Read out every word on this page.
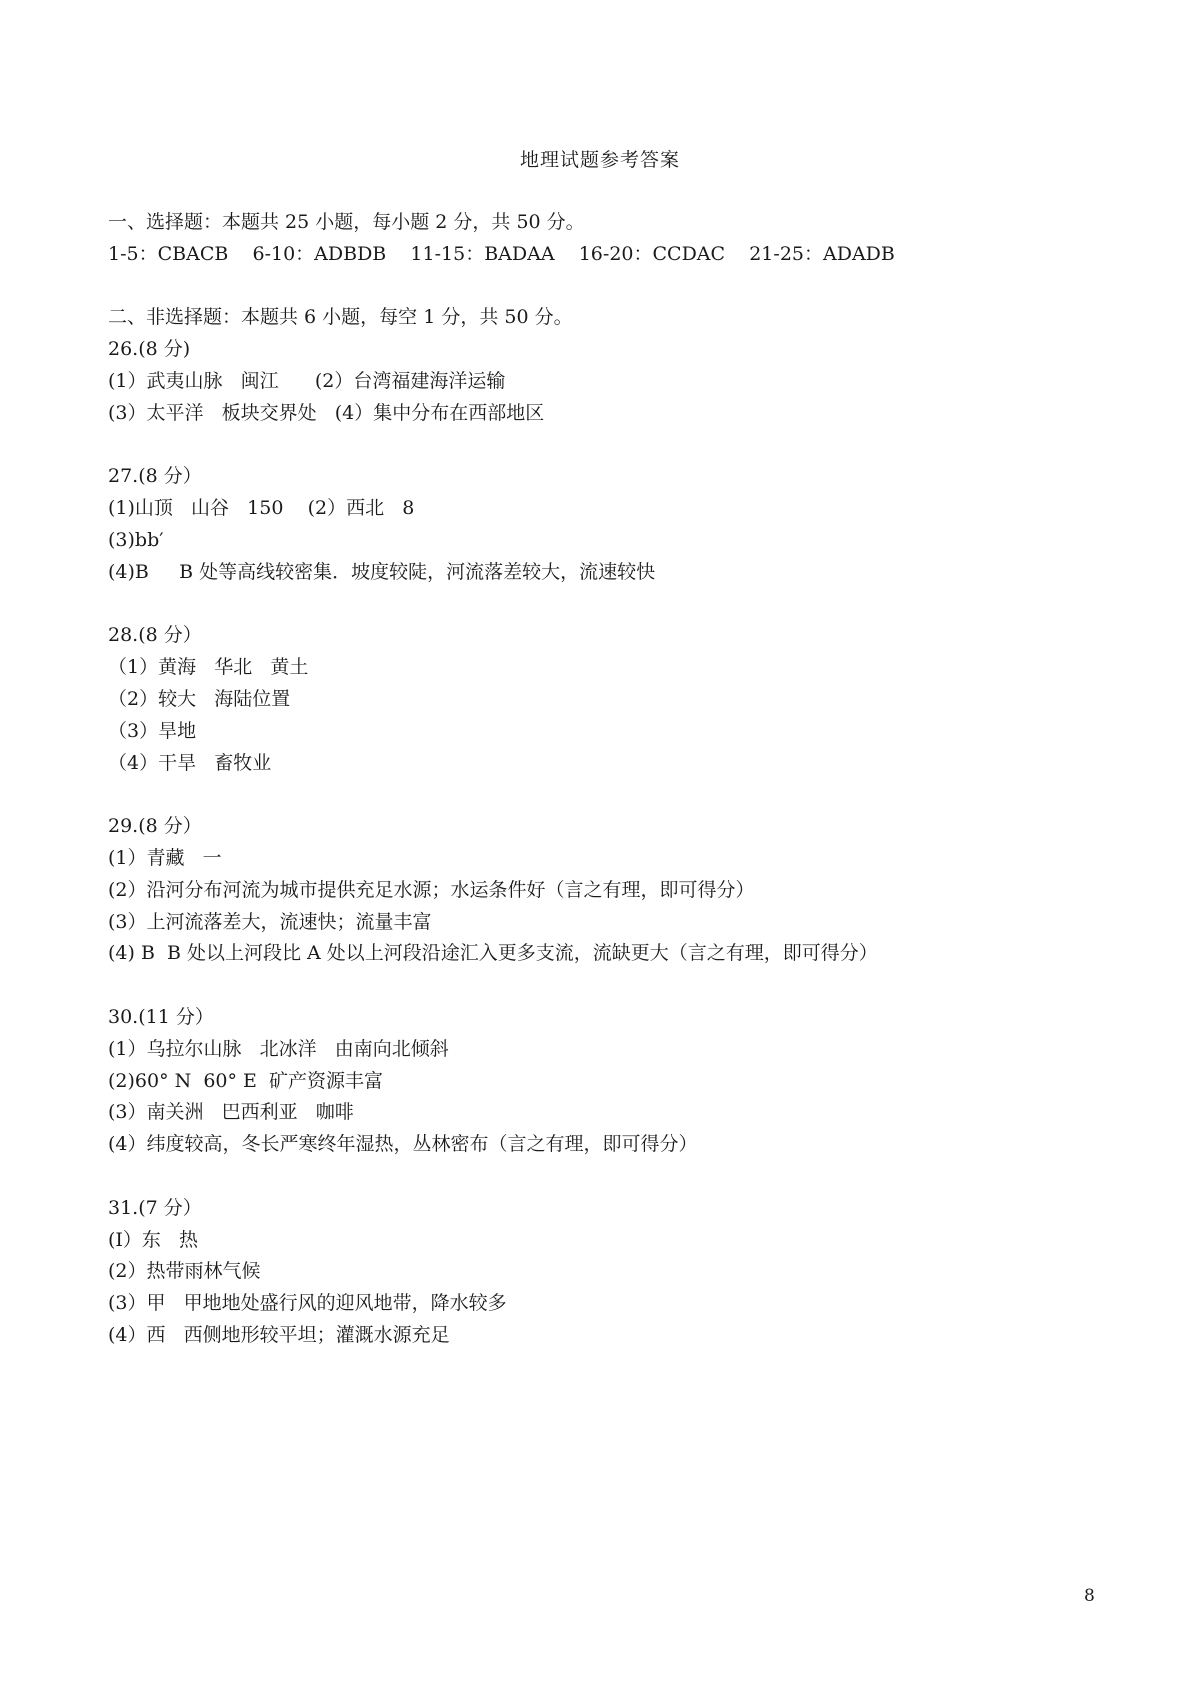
地理试题参考答案

一、选择题：本题共 25 小题，每小题 2 分，共 50 分。

1-5：CBACB    6-10：ADBDB    11-15：BADAA    16-20：CCDAC    21-25：ADADB

二、非选择题：本题共 6 小题，每空 1 分，共 50 分。

26.(8 分)

(1）武夷山脉   闽江      (2）台湾福建海洋运输

(3）太平洋   板块交界处   (4）集中分布在西部地区

27.(8 分）

(1)山顶   山谷   150    (2）西北   8

(3)bb′

(4)B     B 处等高线较密集．坡度较陡，河流落差较大，流速较快

28.(8 分）

（1）黄海   华北   黄土

（2）较大   海陆位置

（3）旱地

（4）干旱   畜牧业

29.(8 分）

(1）青藏   一

(2）沿河分布河流为城市提供充足水源；水运条件好（言之有理，即可得分）

(3）上河流落差大，流速快；流量丰富

(4) B  B 处以上河段比 A 处以上河段沿途汇入更多支流，流缺更大（言之有理，即可得分）

30.(11 分）

(1）乌拉尔山脉   北冰洋   由南向北倾斜

(2)60° N  60° E  矿产资源丰富

(3）南关洲   巴西利亚   咖啡

(4）纬度较高，冬长严寒终年湿热，丛林密布（言之有理，即可得分）

31.(7 分）

(I）东   热

(2）热带雨林气候

(3）甲   甲地地处盛行风的迎风地带，降水较多

(4）西   西侧地形较平坦；灌溉水源充足

8
